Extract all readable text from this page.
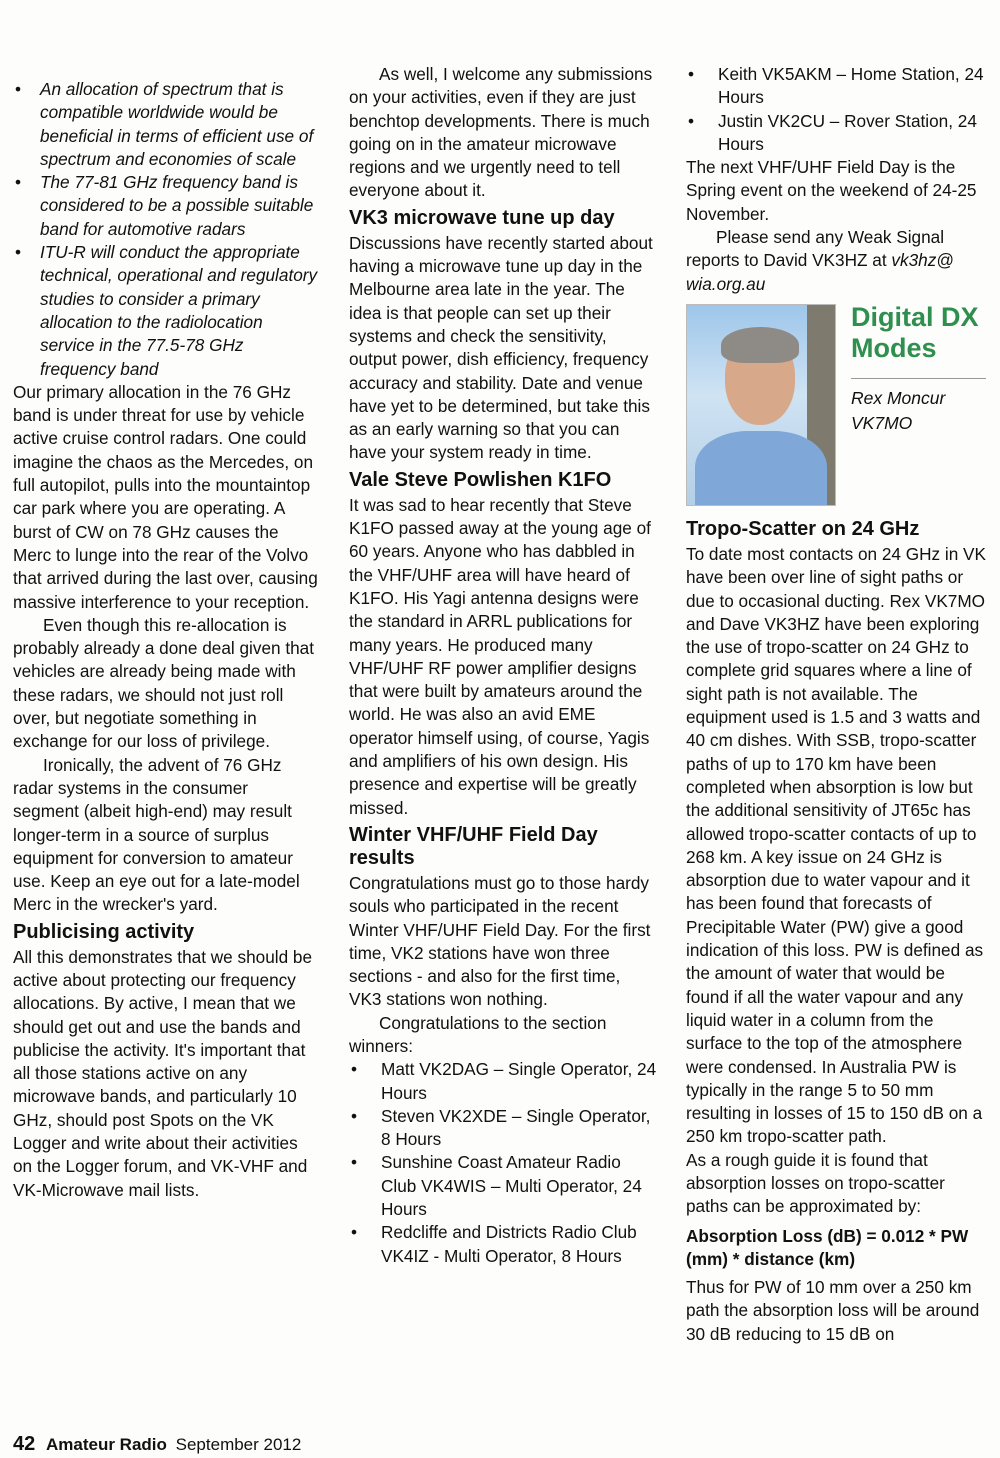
• An allocation of spectrum that is compatible worldwide would be beneficial in terms of efficient use of spectrum and economies of scale
• The 77-81 GHz frequency band is considered to be a possible suitable band for automotive radars
• ITU-R will conduct the appropriate technical, operational and regulatory studies to consider a primary allocation to the radiolocation service in the 77.5-78 GHz frequency band

Our primary allocation in the 76 GHz band is under threat for use by vehicle active cruise control radars. One could imagine the chaos as the Mercedes, on full autopilot, pulls into the mountaintop car park where you are operating. A burst of CW on 78 GHz causes the Merc to lunge into the rear of the Volvo that arrived during the last over, causing massive interference to your reception.

Even though this re-allocation is probably already a done deal given that vehicles are already being made with these radars, we should not just roll over, but negotiate something in exchange for our loss of privilege.

Ironically, the advent of 76 GHz radar systems in the consumer segment (albeit high-end) may result longer-term in a source of surplus equipment for conversion to amateur use. Keep an eye out for a late-model Merc in the wrecker's yard.

Publicising activity

All this demonstrates that we should be active about protecting our frequency allocations. By active, I mean that we should get out and use the bands and publicise the activity. It's important that all those stations active on any microwave bands, and particularly 10 GHz, should post Spots on the VK Logger and write about their activities on the Logger forum, and VK-VHF and VK-Microwave mail lists.

As well, I welcome any submissions on your activities, even if they are just benchtop developments. There is much going on in the amateur microwave regions and we urgently need to tell everyone about it.

VK3 microwave tune up day

Discussions have recently started about having a microwave tune up day in the Melbourne area late in the year. The idea is that people can set up their systems and check the sensitivity, output power, dish efficiency, frequency accuracy and stability. Date and venue have yet to be determined, but take this as an early warning so that you can have your system ready in time.

Vale Steve Powlishen K1FO

It was sad to hear recently that Steve K1FO passed away at the young age of 60 years. Anyone who has dabbled in the VHF/UHF area will have heard of K1FO. His Yagi antenna designs were the standard in ARRL publications for many years. He produced many VHF/UHF RF power amplifier designs that were built by amateurs around the world. He was also an avid EME operator himself using, of course, Yagis and amplifiers of his own design. His presence and expertise will be greatly missed.

Winter VHF/UHF Field Day results

Congratulations must go to those hardy souls who participated in the recent Winter VHF/UHF Field Day. For the first time, VK2 stations have won three sections - and also for the first time, VK3 stations won nothing.

Congratulations to the section winners:

• Matt VK2DAG – Single Operator, 24 Hours
• Steven VK2XDE – Single Operator, 8 Hours
• Sunshine Coast Amateur Radio Club VK4WIS – Multi Operator, 24 Hours
• Redcliffe and Districts Radio Club VK4IZ - Multi Operator, 8 Hours
• Keith VK5AKM – Home Station, 24 Hours
• Justin VK2CU – Rover Station, 24 Hours

The next VHF/UHF Field Day is the Spring event on the weekend of 24-25 November.

Please send any Weak Signal reports to David VK3HZ at vk3hz@ wia.org.au

Digital DX Modes
Rex Moncur
VK7MO
Tropo-Scatter on 24 GHz

To date most contacts on 24 GHz in VK have been over line of sight paths or due to occasional ducting. Rex VK7MO and Dave VK3HZ have been exploring the use of tropo-scatter on 24 GHz to complete grid squares where a line of sight path is not available. The equipment used is 1.5 and 3 watts and 40 cm dishes. With SSB, tropo-scatter paths of up to 170 km have been completed when absorption is low but the additional sensitivity of JT65c has allowed tropo-scatter contacts of up to 268 km. A key issue on 24 GHz is absorption due to water vapour and it has been found that forecasts of Precipitable Water (PW) give a good indication of this loss. PW is defined as the amount of water that would be found if all the water vapour and any liquid water in a column from the surface to the top of the atmosphere were condensed. In Australia PW is typically in the range 5 to 50 mm resulting in losses of 15 to 150 dB on a 250 km tropo-scatter path.

As a rough guide it is found that absorption losses on tropo-scatter paths can be approximated by:

Absorption Loss (dB) = 0.012 * PW (mm) * distance (km)

Thus for PW of 10 mm over a 250 km path the absorption loss will be around 30 dB reducing to 15 dB on

42 Amateur Radio September 2012
